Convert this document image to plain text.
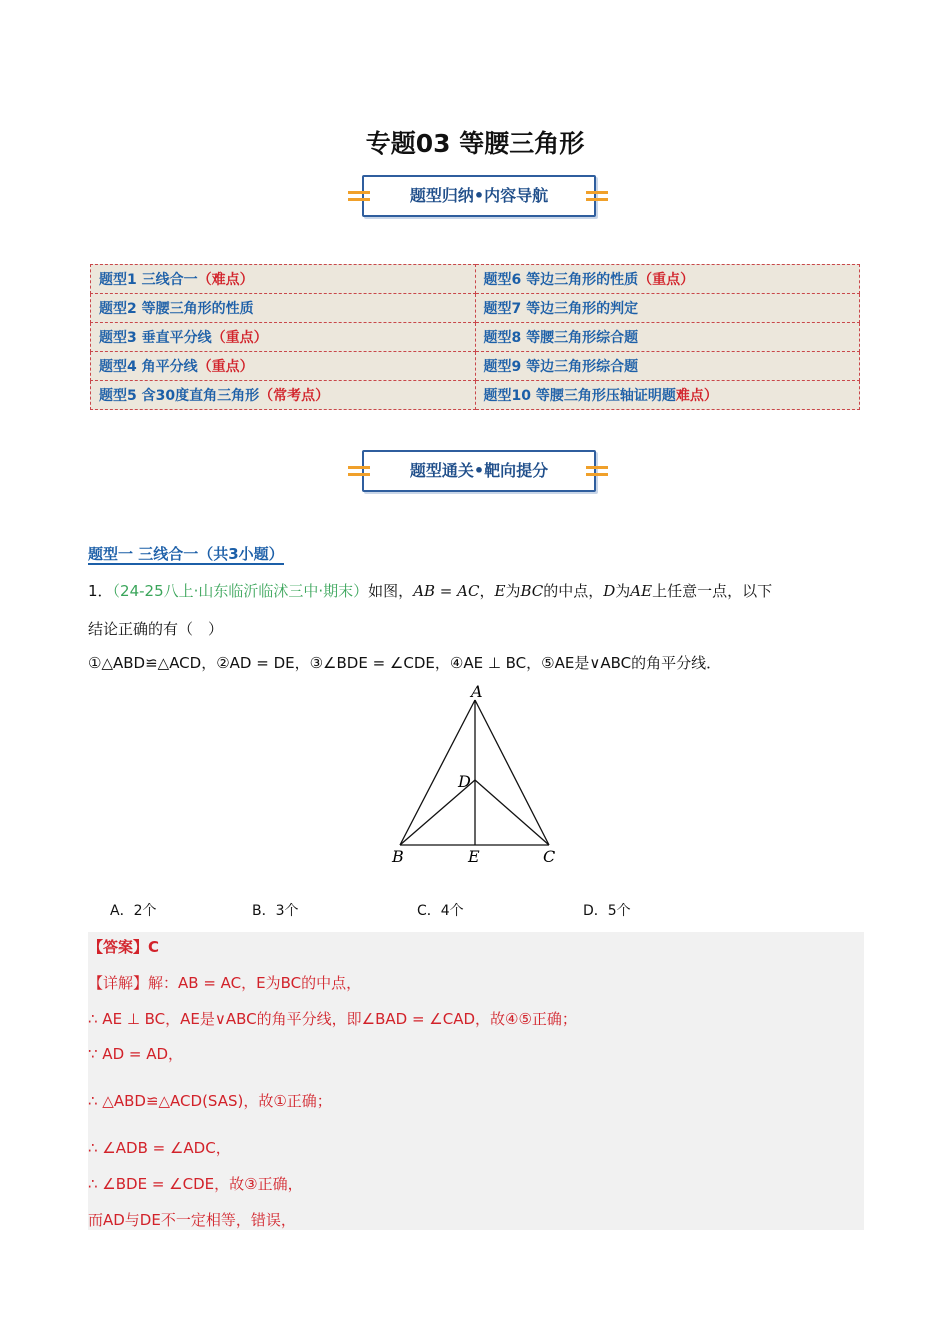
专题03 等腰三角形
题型归纳•内容导航
题型1 三线合一（难点）	题型6 等边三角形的性质（重点）
题型2 等腰三角形的性质	题型7 等边三角形的判定
题型3 垂直平分线（重点）	题型8 等腰三角形综合题
题型4 角平分线（重点）	题型9 等边三角形综合题
题型5 含30度直角三角形（常考点）	题型10 等腰三角形压轴证明题难点）
题型通关•靶向提分
题型一 三线合一（共3小题）
1．（24-25八上·山东临沂临沭三中·期末）如图，AB = AC，E为BC的中点，D为AE上任意一点，以下
结论正确的有（　）
①△ABD≌△ACD，②AD = DE，③∠BDE = ∠CDE，④AE ⊥ BC，⑤AE是∨ABC的角平分线．
A
B	C
D
E
A．2个	B．3个	C．4个	D．5个
【答案】C
【详解】解：AB = AC，E为BC的中点，
∴ AE ⊥ BC，AE是∨ABC的角平分线，即∠BAD = ∠CAD，故④⑤正确；
∵ AD = AD，
∴ △ABD≌△ACD(SAS)，故①正确；
∴ ∠ADB = ∠ADC，
∴ ∠BDE = ∠CDE，故③正确，
而AD与DE不一定相等，错误，
